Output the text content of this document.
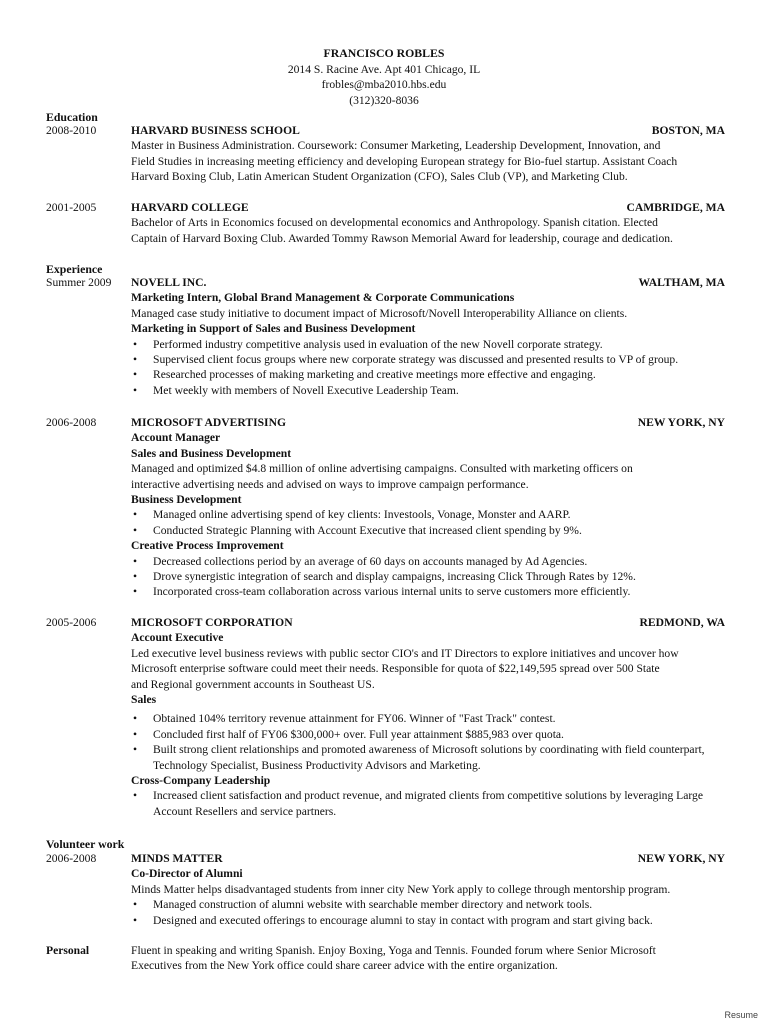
FRANCISCO ROBLES
2014 S. Racine Ave. Apt 401 Chicago, IL
frobles@mba2010.hbs.edu
(312)320-8036
Education
2008-2010	HARVARD BUSINESS SCHOOL	BOSTON, MA
Master in Business Administration. Coursework: Consumer Marketing, Leadership Development, Innovation, and
Field Studies in increasing meeting efficiency and developing European strategy for Bio-fuel startup. Assistant Coach
Harvard Boxing Club, Latin American Student Organization (CFO), Sales Club (VP), and Marketing Club.
2001-2005	HARVARD COLLEGE	CAMBRIDGE, MA
Bachelor of Arts in Economics focused on developmental economics and Anthropology. Spanish citation. Elected
Captain of Harvard Boxing Club. Awarded Tommy Rawson Memorial Award for leadership, courage and dedication.
Experience
Summer 2009 NOVELL INC.	WALTHAM, MA
Marketing Intern, Global Brand Management & Corporate Communications
Managed case study initiative to document impact of Microsoft/Novell Interoperability Alliance on clients.
Marketing in Support of Sales and Business Development
• Performed industry competitive analysis used in evaluation of the new Novell corporate strategy.
• Supervised client focus groups where new corporate strategy was discussed and presented results to VP of group.
• Researched processes of making marketing and creative meetings more effective and engaging.
• Met weekly with members of Novell Executive Leadership Team.
2006-2008	MICROSOFT ADVERTISING	NEW YORK, NY
Account Manager
Sales and Business Development
Managed and optimized $4.8 million of online advertising campaigns. Consulted with marketing officers on
interactive advertising needs and advised on ways to improve campaign performance.
Business Development
• Managed online advertising spend of key clients: Investools, Vonage, Monster and AARP.
• Conducted Strategic Planning with Account Executive that increased client spending by 9%.
Creative Process Improvement
• Decreased collections period by an average of 60 days on accounts managed by Ad Agencies.
• Drove synergistic integration of search and display campaigns, increasing Click Through Rates by 12%.
• Incorporated cross-team collaboration across various internal units to serve customers more efficiently.
2005-2006	MICROSOFT CORPORATION	REDMOND, WA
Account Executive
Led executive level business reviews with public sector CIO's and IT Directors to explore initiatives and uncover how
Microsoft enterprise software could meet their needs. Responsible for quota of $22,149,595 spread over 500 State
and Regional government accounts in Southeast US.
Sales
• Obtained 104% territory revenue attainment for FY06. Winner of "Fast Track" contest.
• Concluded first half of FY06 $300,000+ over. Full year attainment $885,983 over quota.
• Built strong client relationships and promoted awareness of Microsoft solutions by coordinating with field counterpart, Technology Specialist, Business Productivity Advisors and Marketing.
Cross-Company Leadership
• Increased client satisfaction and product revenue, and migrated clients from competitive solutions by leveraging Large Account Resellers and service partners.
Volunteer work
2006-2008	MINDS MATTER	NEW YORK, NY
Co-Director of Alumni
Minds Matter helps disadvantaged students from inner city New York apply to college through mentorship program.
• Managed construction of alumni website with searchable member directory and network tools.
• Designed and executed offerings to encourage alumni to stay in contact with program and start giving back.
Personal	Fluent in speaking and writing Spanish. Enjoy Boxing, Yoga and Tennis. Founded forum where Senior Microsoft
Executives from the New York office could share career advice with the entire organization.
Resume
